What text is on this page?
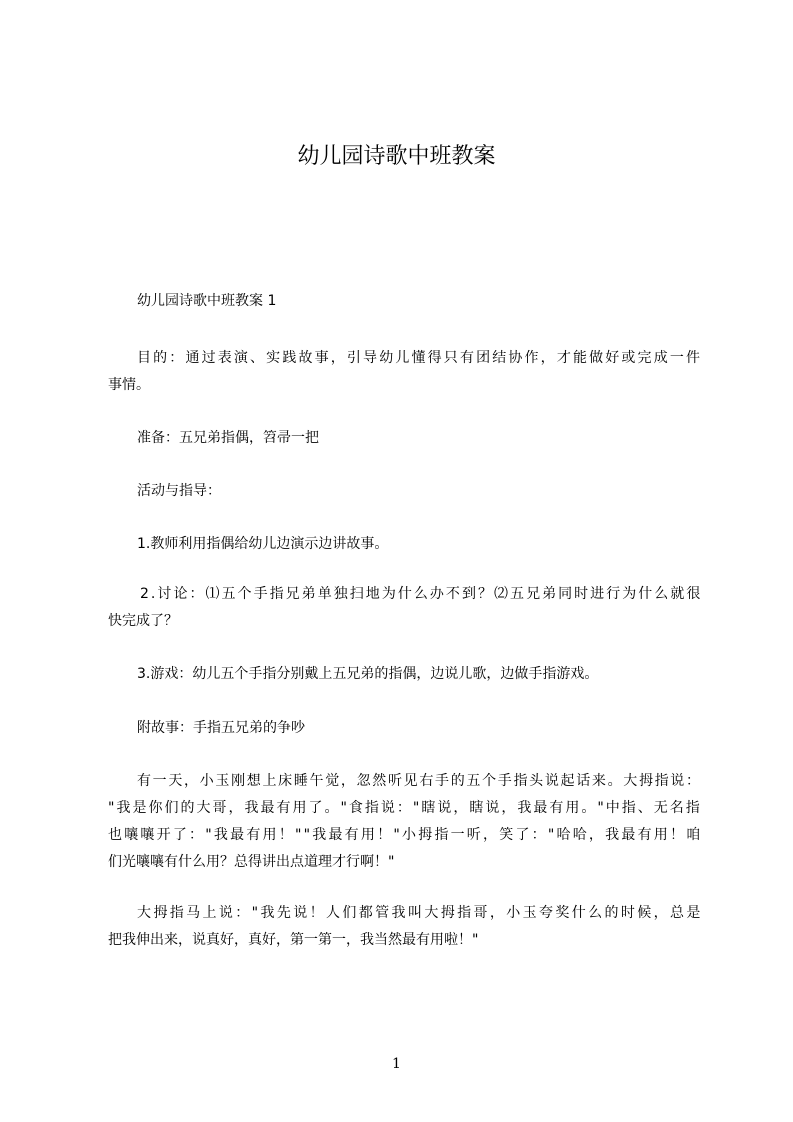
幼儿园诗歌中班教案
幼儿园诗歌中班教案 1
目的：通过表演、实践故事，引导幼儿懂得只有团结协作，才能做好或完成一件
事情。
准备：五兄弟指偶，笤帚一把
活动与指导：
1.教师利用指偶给幼儿边演示边讲故事。
2.讨论：⑴五个手指兄弟单独扫地为什么办不到？⑵五兄弟同时进行为什么就很
快完成了？
3.游戏：幼儿五个手指分别戴上五兄弟的指偶，边说儿歌，边做手指游戏。
附故事：手指五兄弟的争吵
有一天，小玉刚想上床睡午觉，忽然听见右手的五个手指头说起话来。大拇指说：
"我是你们的大哥，我最有用了。"食指说："瞎说，瞎说，我最有用。"中指、无名指
也嚷嚷开了："我最有用！""我最有用！"小拇指一听，笑了："哈哈，我最有用！咱
们光嚷嚷有什么用？总得讲出点道理才行啊！"
大拇指马上说："我先说！人们都管我叫大拇指哥，小玉夸奖什么的时候，总是
把我伸出来，说真好，真好，第一第一，我当然最有用啦！"
1
